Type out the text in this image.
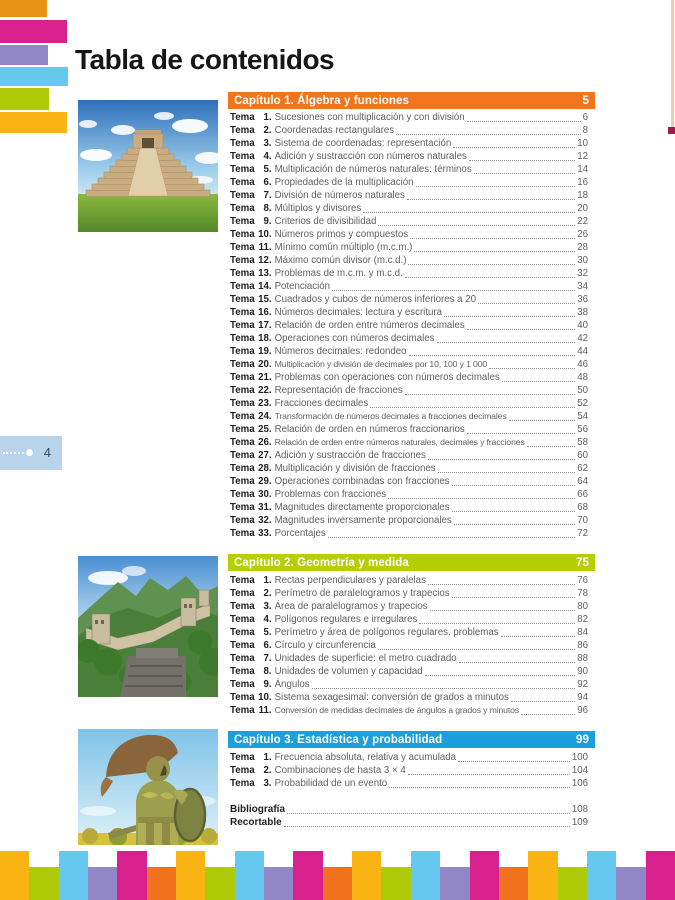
Tabla de contenidos
Capítulo 1. Álgebra y funciones	5
Tema 1. Sucesiones con multiplicación y con división	6
Tema 2. Coordenadas rectangulares	8
Tema 3. Sistema de coordenadas: representación	10
Tema 4. Adición y sustracción con números naturales	12
Tema 5. Multiplicación de números naturales: términos	14
Tema 6. Propiedades de la multiplicación	16
Tema 7. División de números naturales	18
Tema 8. Múltiplos y divisores	20
Tema 9. Criterios de divisibilidad	22
Tema 10. Números primos y compuestos	26
Tema 11. Mínimo común múltiplo (m.c.m.)	28
Tema 12. Máximo común divisor (m.c.d.)	30
Tema 13. Problemas de m.c.m. y m.c.d.	32
Tema 14. Potenciación	34
Tema 15. Cuadrados y cubos de números inferiores a 20	36
Tema 16. Números decimales: lectura y escritura	38
Tema 17. Relación de orden entre números decimales	40
Tema 18. Operaciones con números decimales	42
Tema 19. Números decimales: redondeo	44
Tema 20. Multiplicación y división de decimales por 10, 100 y 1 000	46
Tema 21. Problemas con operaciones con números decimales	48
Tema 22. Representación de fracciones	50
Tema 23. Fracciones decimales	52
Tema 24. Transformación de números decimales a fracciones decimales	54
Tema 25. Relación de orden en números fraccionarios	56
Tema 26. Relación de orden entre números naturales, decimales y fracciones	58
Tema 27. Adición y sustracción de fracciones	60
Tema 28. Multiplicación y división de fracciones	62
Tema 29. Operaciones combinadas con fracciones	64
Tema 30. Problemas con fracciones	66
Tema 31. Magnitudes directamente proporcionales	68
Tema 32. Magnitudes inversamente proporcionales	70
Tema 33. Porcentajes	72
Capítulo 2. Geometría y medida	75
Tema 1. Rectas perpendiculares y paralelas	76
Tema 2. Perímetro de paralelogramos y trapecios	78
Tema 3. Área de paralelogramos y trapecios	80
Tema 4. Polígonos regulares e irregulares	82
Tema 5. Perímetro y área de polígonos regulares, problemas	84
Tema 6. Círculo y circunferencia	86
Tema 7. Unidades de superficie: el metro cuadrado	88
Tema 8. Unidades de volumen y capacidad	90
Tema 9. Ángulos	92
Tema 10. Sistema sexagesimal: conversión de grados a minutos	94
Tema 11. Conversión de medidas decimales de ángulos a grados y minutos	96
Capítulo 3. Estadística y probabilidad	99
Tema 1. Frecuencia absoluta, relativa y acumulada	100
Tema 2. Combinaciones de hasta 3 × 4	104
Tema 3. Probabilidad de un evento	106
Bibliografía	108
Recortable	109
4
